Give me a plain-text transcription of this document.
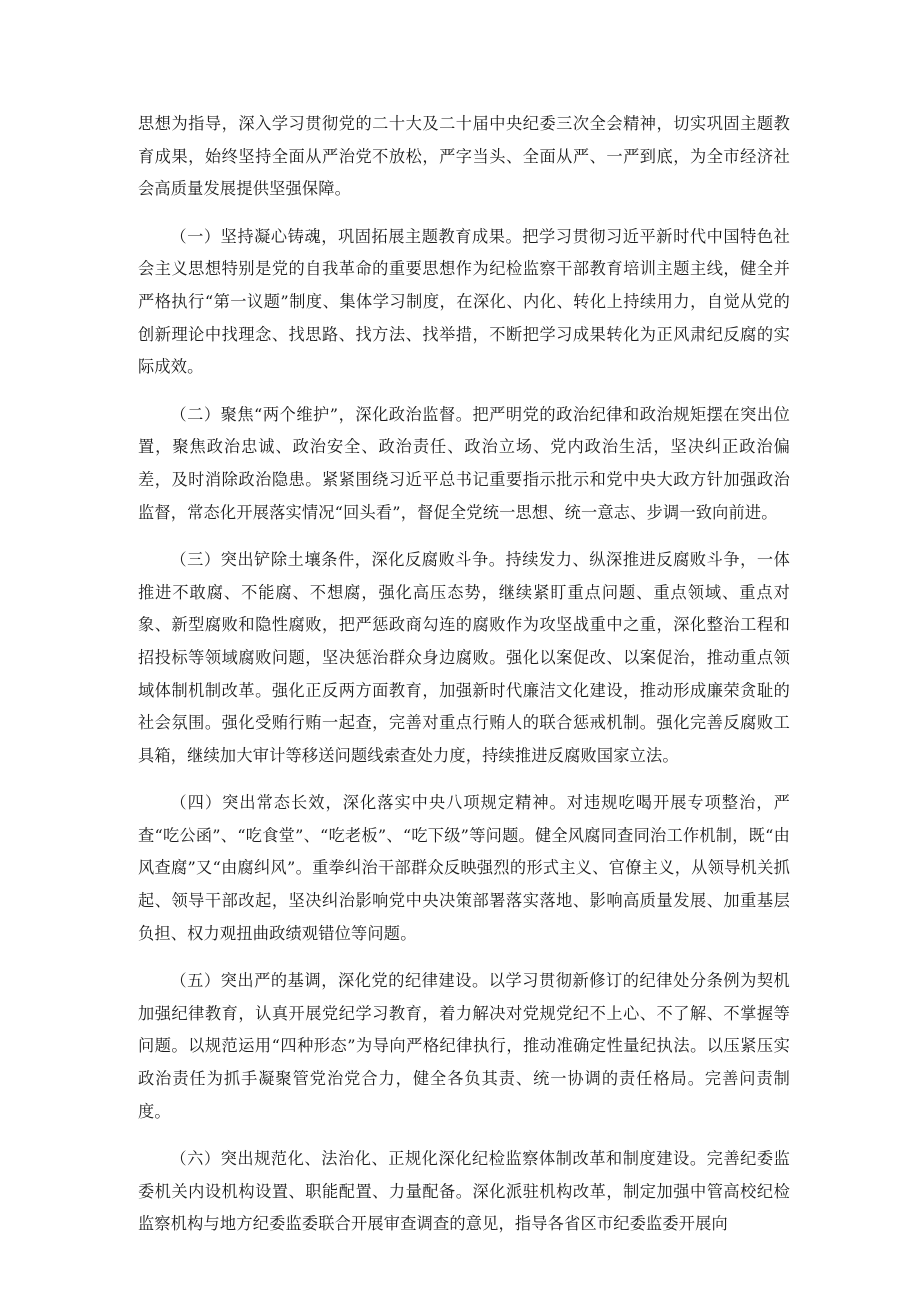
思想为指导，深入学习贯彻党的二十大及二十届中央纪委三次全会精神，切实巩固主题教育成果，始终坚持全面从严治党不放松，严字当头、全面从严、一严到底，为全市经济社会高质量发展提供坚强保障。

（一）坚持凝心铸魂，巩固拓展主题教育成果。把学习贯彻习近平新时代中国特色社会主义思想特别是党的自我革命的重要思想作为纪检监察干部教育培训主题主线，健全并严格执行“第一议题”制度、集体学习制度，在深化、内化、转化上持续用力，自觉从党的创新理论中找理念、找思路、找方法、找举措，不断把学习成果转化为正风肃纪反腐的实际成效。

（二）聚焦“两个维护”，深化政治监督。把严明党的政治纪律和政治规矩摆在突出位置，聚焦政治忠诚、政治安全、政治责任、政治立场、党内政治生活，坚决纠正政治偏差，及时消除政治隐患。紧紧围绕习近平总书记重要指示批示和党中央大政方针加强政治监督，常态化开展落实情况“回头看”，督促全党统一思想、统一意志、步调一致向前进。

（三）突出铲除土壤条件，深化反腐败斗争。持续发力、纵深推进反腐败斗争，一体推进不敢腐、不能腐、不想腐，强化高压态势，继续紧盯重点问题、重点领域、重点对象、新型腐败和隐性腐败，把严惩政商勾连的腐败作为攻坚战重中之重，深化整治工程和招投标等领域腐败问题，坚决惩治群众身边腐败。强化以案促改、以案促治，推动重点领域体制机制改革。强化正反两方面教育，加强新时代廉洁文化建设，推动形成廉荣贪耻的社会氛围。强化受贿行贿一起查，完善对重点行贿人的联合惩戒机制。强化完善反腐败工具箱，继续加大审计等移送问题线索查处力度，持续推进反腐败国家立法。

（四）突出常态长效，深化落实中央八项规定精神。对违规吃喝开展专项整治，严查“吃公函”、“吃食堂”、“吃老板”、“吃下级”等问题。健全风腐同查同治工作机制，既“由风查腐”又“由腐纠风”。重拳纠治干部群众反映强烈的形式主义、官僚主义，从领导机关抓起、领导干部改起，坚决纠治影响党中央决策部署落实落地、影响高质量发展、加重基层负担、权力观扭曲政绩观错位等问题。

（五）突出严的基调，深化党的纪律建设。以学习贯彻新修订的纪律处分条例为契机加强纪律教育，认真开展党纪学习教育，着力解决对党规党纪不上心、不了解、不掌握等问题。以规范运用“四种形态”为导向严格纪律执行，推动准确定性量纪执法。以压紧压实政治责任为抓手凝聚管党治党合力，健全各负其责、统一协调的责任格局。完善问责制度。

（六）突出规范化、法治化、正规化深化纪检监察体制改革和制度建设。完善纪委监委机关内设机构设置、职能配置、力量配备。深化派驻机构改革，制定加强中管高校纪检监察机构与地方纪委监委联合开展审查调查的意见，指导各省区市纪委监委开展向
